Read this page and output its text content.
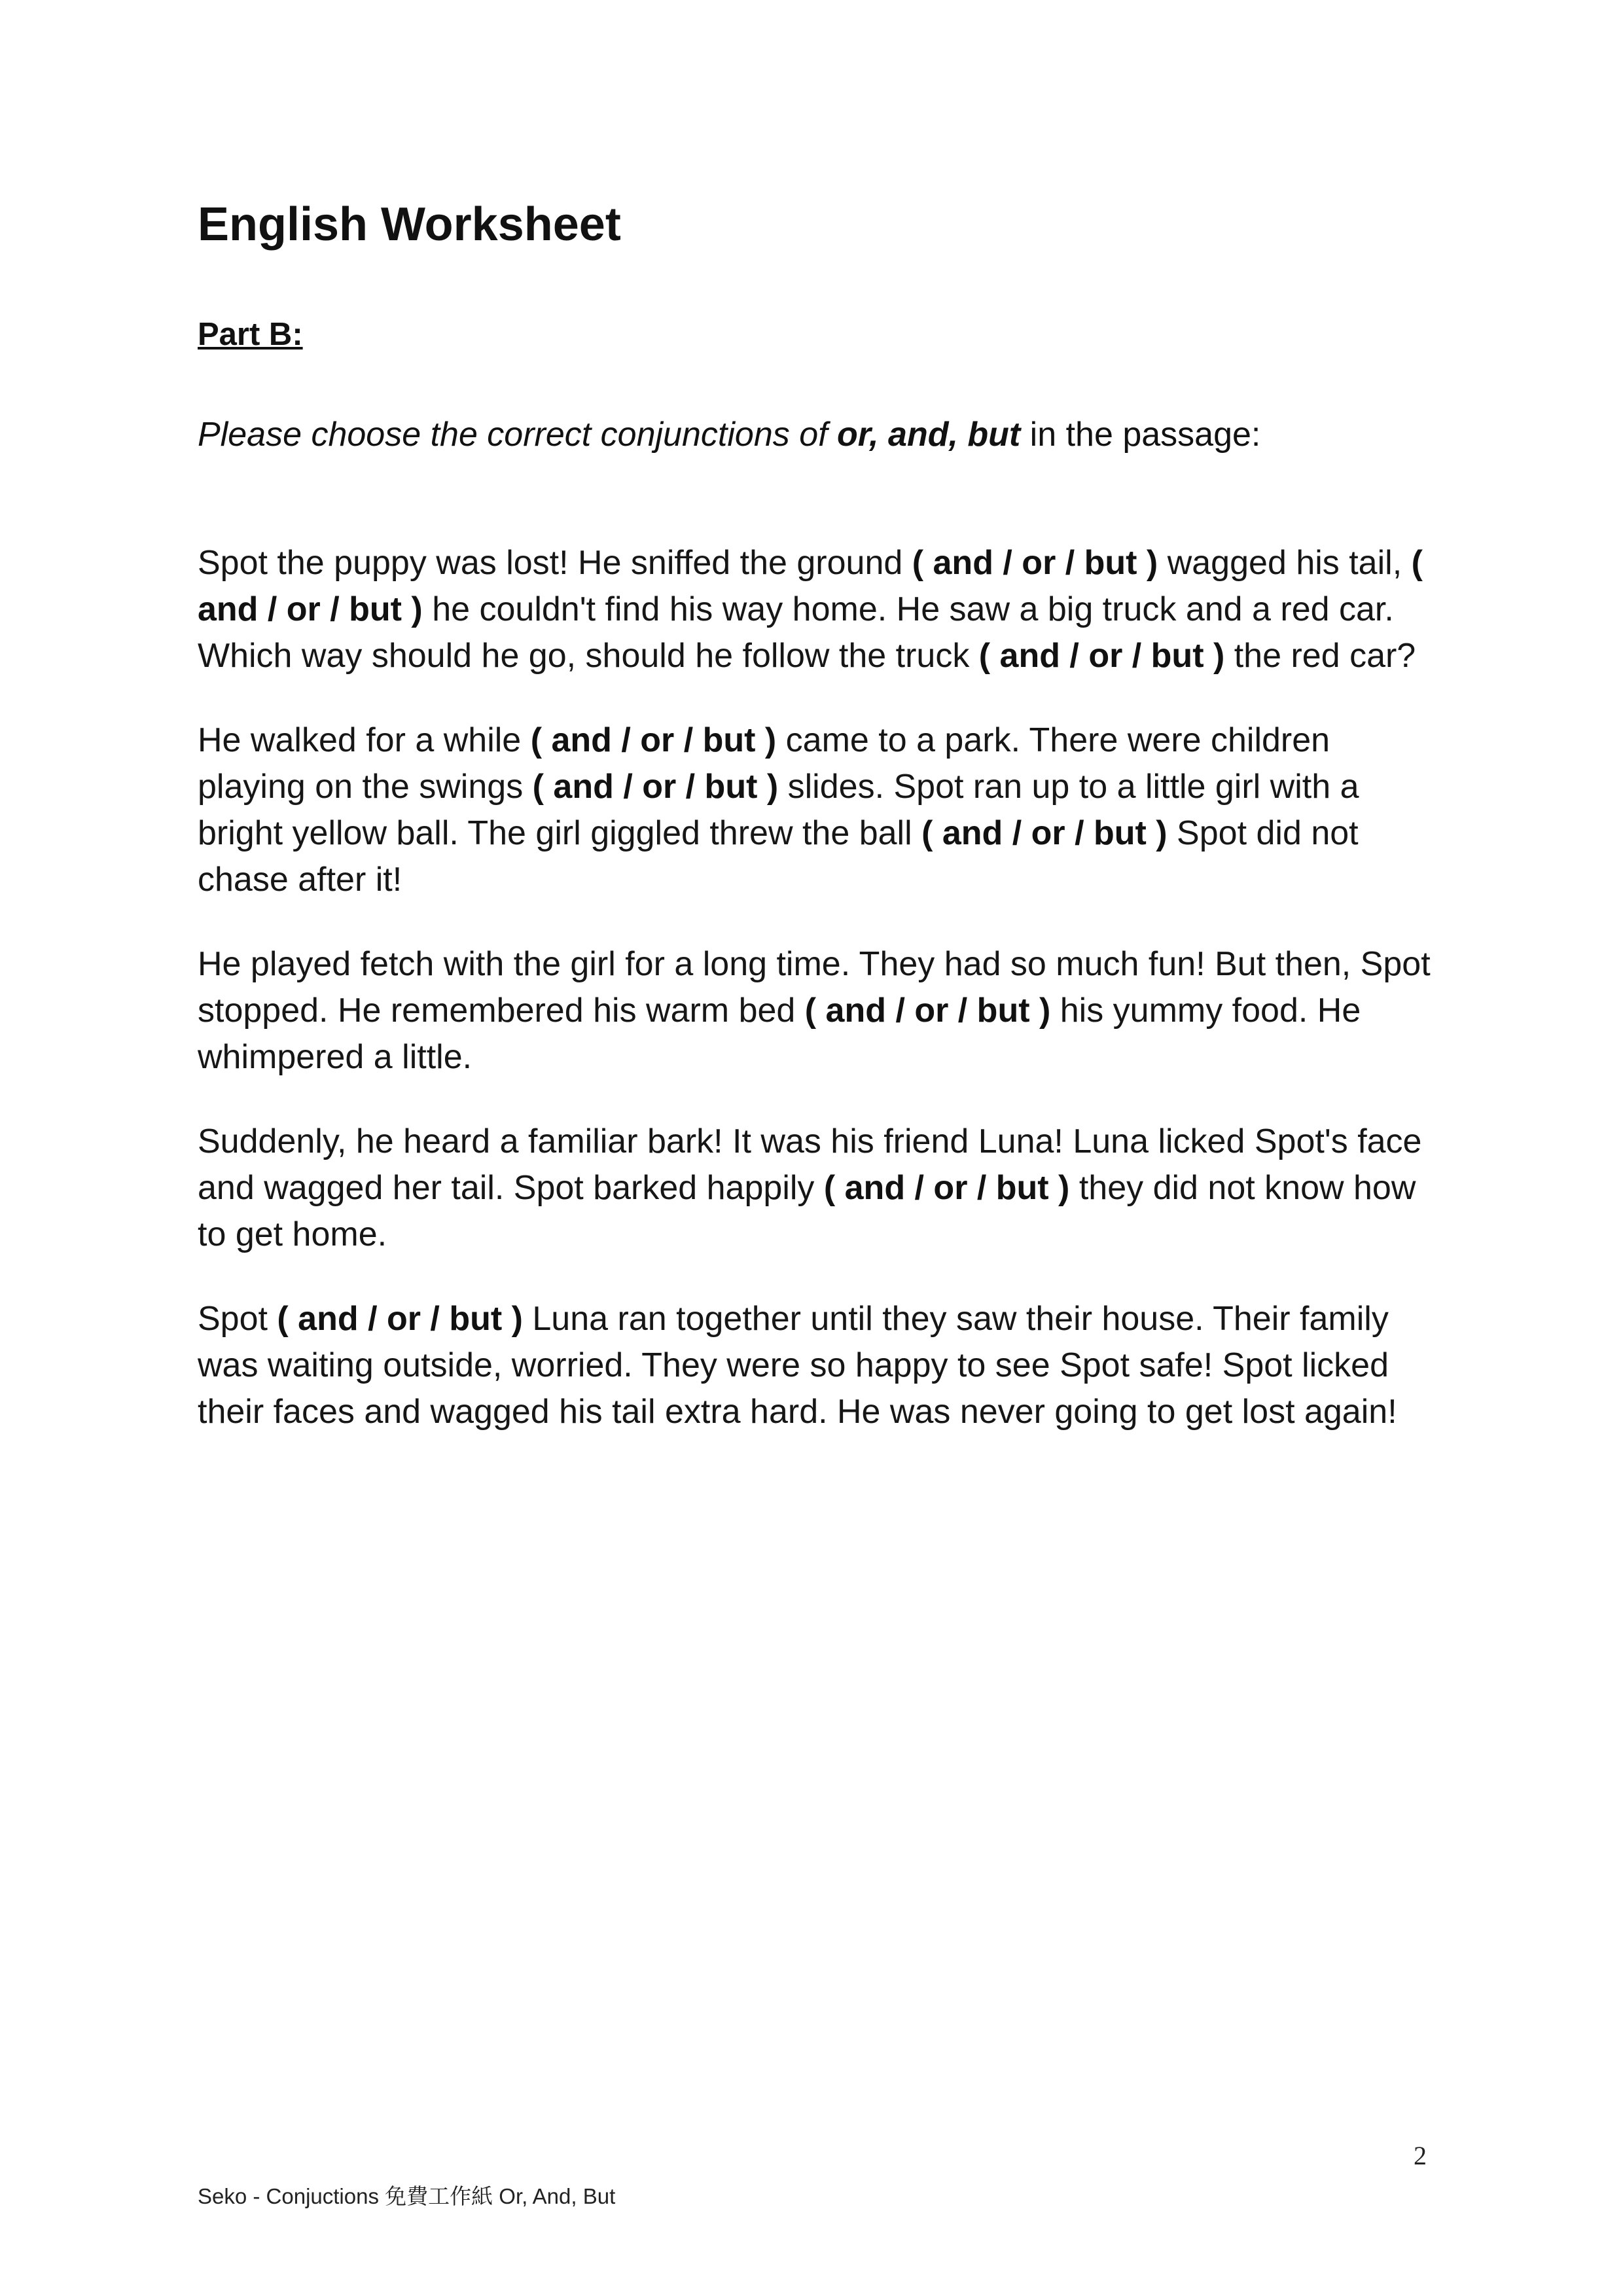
English Worksheet

Part B:

Please choose the correct conjunctions of or, and, but in the passage:

Spot the puppy was lost! He sniffed the ground ( and / or / but ) wagged his tail, ( and / or / but ) he couldn't find his way home. He saw a big truck and a red car. Which way should he go, should he follow the truck ( and / or / but ) the red car?

He walked for a while ( and / or / but ) came to a park. There were children playing on the swings ( and / or / but ) slides. Spot ran up to a little girl with a bright yellow ball. The girl giggled threw the ball ( and / or / but ) Spot did not chase after it!

He played fetch with the girl for a long time. They had so much fun! But then, Spot stopped. He remembered his warm bed ( and / or / but ) his yummy food. He whimpered a little.

Suddenly, he heard a familiar bark! It was his friend Luna! Luna licked Spot's face and wagged her tail. Spot barked happily ( and / or / but ) they did not know how to get home.

Spot ( and / or / but ) Luna ran together until they saw their house. Their family was waiting outside, worried. They were so happy to see Spot safe! Spot licked their faces and wagged his tail extra hard. He was never going to get lost again!

2

Seko - Conjuctions 免費工作紙 Or, And, But
